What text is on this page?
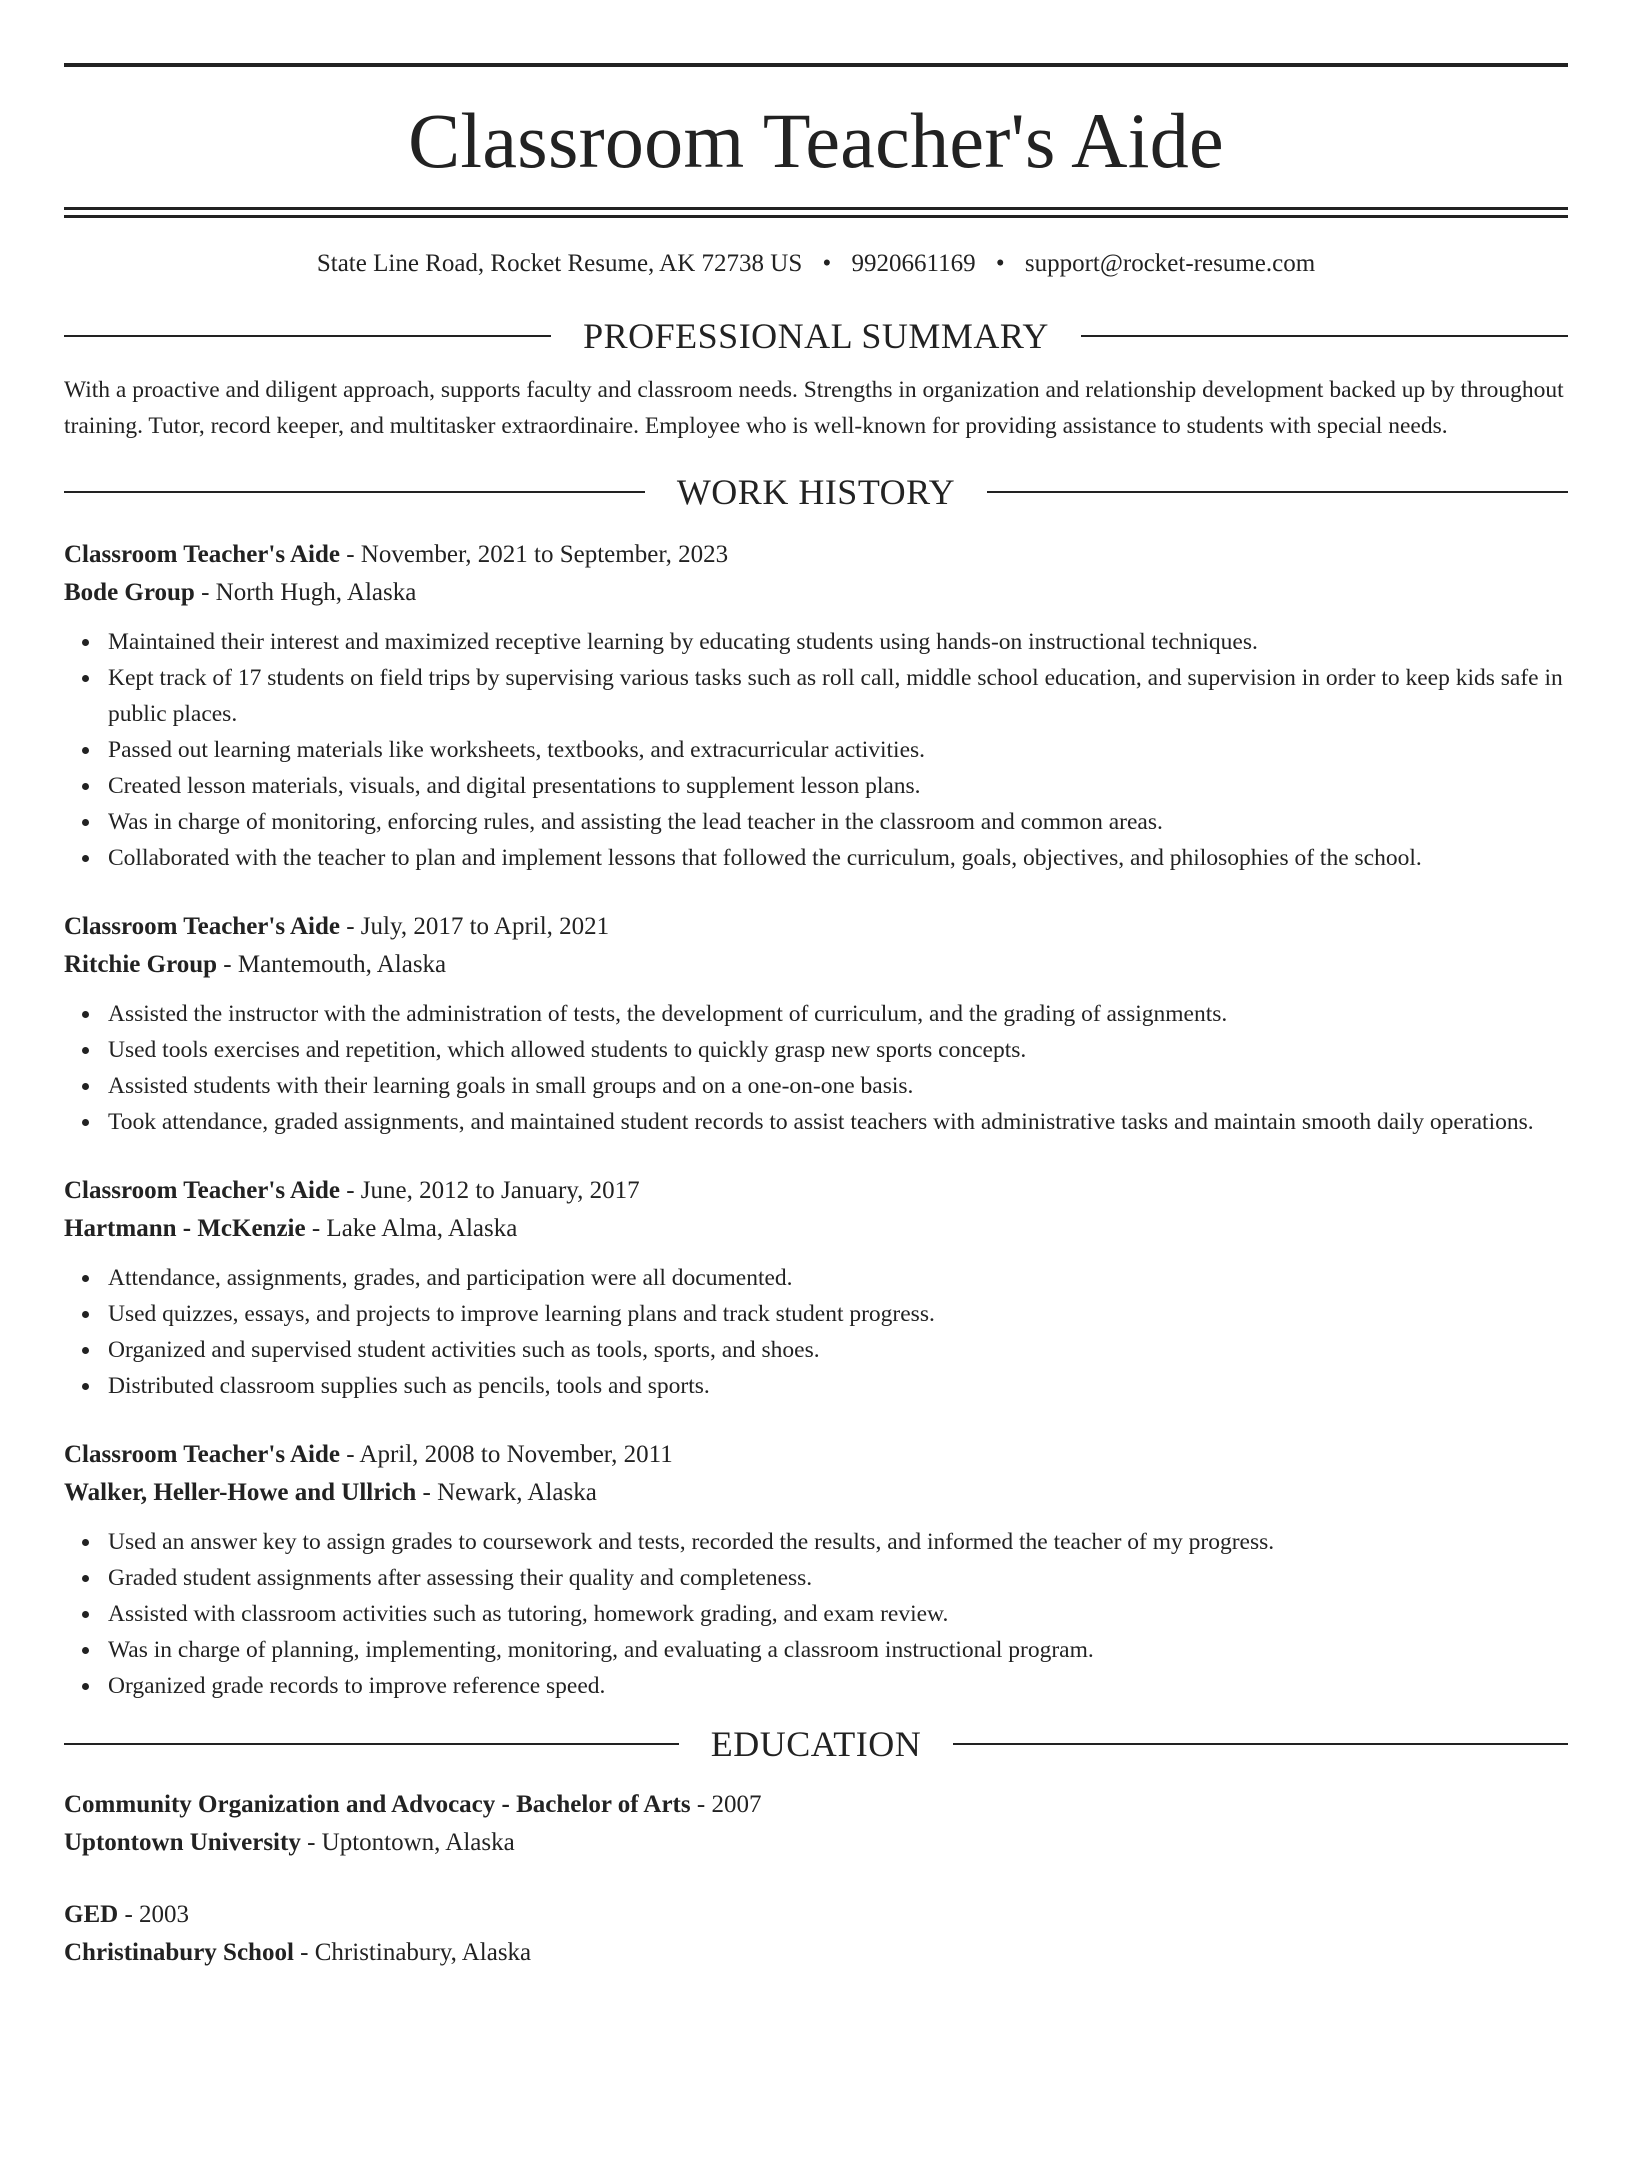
Classroom Teacher's Aide
State Line Road, Rocket Resume, AK 72738 US • 9920661169 • support@rocket-resume.com
PROFESSIONAL SUMMARY

With a proactive and diligent approach, supports faculty and classroom needs. Strengths in organization and relationship development backed up by throughout training. Tutor, record keeper, and multitasker extraordinaire. Employee who is well-known for providing assistance to students with special needs.

WORK HISTORY
Classroom Teacher's Aide - November, 2021 to September, 2023
Bode Group - North Hugh, Alaska
Maintained their interest and maximized receptive learning by educating students using hands-on instructional techniques.
Kept track of 17 students on field trips by supervising various tasks such as roll call, middle school education, and supervision in order to keep kids safe in public places.
Passed out learning materials like worksheets, textbooks, and extracurricular activities.
Created lesson materials, visuals, and digital presentations to supplement lesson plans.
Was in charge of monitoring, enforcing rules, and assisting the lead teacher in the classroom and common areas.
Collaborated with the teacher to plan and implement lessons that followed the curriculum, goals, objectives, and philosophies of the school.
Classroom Teacher's Aide - July, 2017 to April, 2021
Ritchie Group - Mantemouth, Alaska
Assisted the instructor with the administration of tests, the development of curriculum, and the grading of assignments.
Used tools exercises and repetition, which allowed students to quickly grasp new sports concepts.
Assisted students with their learning goals in small groups and on a one-on-one basis.
Took attendance, graded assignments, and maintained student records to assist teachers with administrative tasks and maintain smooth daily operations.
Classroom Teacher's Aide - June, 2012 to January, 2017
Hartmann - McKenzie - Lake Alma, Alaska
Attendance, assignments, grades, and participation were all documented.
Used quizzes, essays, and projects to improve learning plans and track student progress.
Organized and supervised student activities such as tools, sports, and shoes.
Distributed classroom supplies such as pencils, tools and sports.
Classroom Teacher's Aide - April, 2008 to November, 2011
Walker, Heller-Howe and Ullrich - Newark, Alaska
Used an answer key to assign grades to coursework and tests, recorded the results, and informed the teacher of my progress.
Graded student assignments after assessing their quality and completeness.
Assisted with classroom activities such as tutoring, homework grading, and exam review.
Was in charge of planning, implementing, monitoring, and evaluating a classroom instructional program.
Organized grade records to improve reference speed.
EDUCATION
Community Organization and Advocacy - Bachelor of Arts - 2007
Uptontown University - Uptontown, Alaska
GED - 2003
Christinabury School - Christinabury, Alaska
